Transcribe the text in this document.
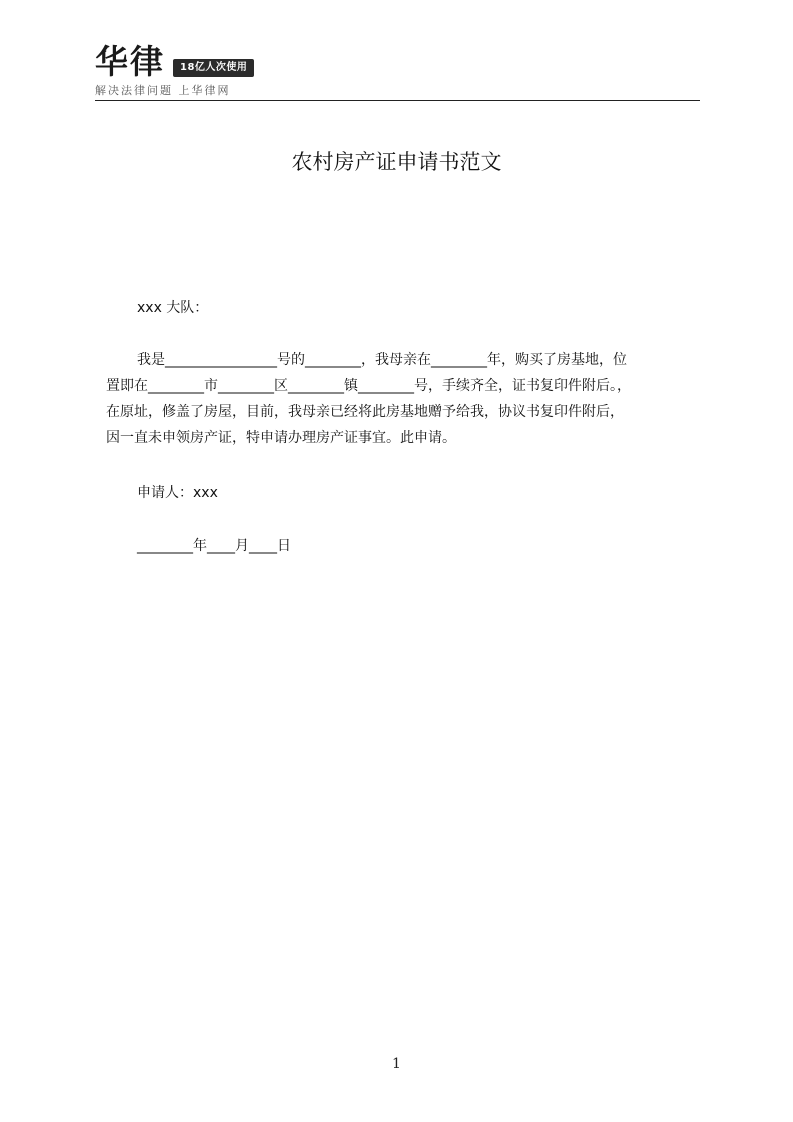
华律	18亿人次使用
解决法律问题 上华律网
农村房产证申请书范文
xxx 大队：
我是________________号的________，我母亲在________年，购买了房基地，位
置即在________市________区________镇________号，手续齐全，证书复印件附后。，
在原址，修盖了房屋，目前，我母亲已经将此房基地赠予给我，协议书复印件附后，
因一直未申领房产证，特申请办理房产证事宜。此申请。
申请人：xxx
________年____月____日
1
